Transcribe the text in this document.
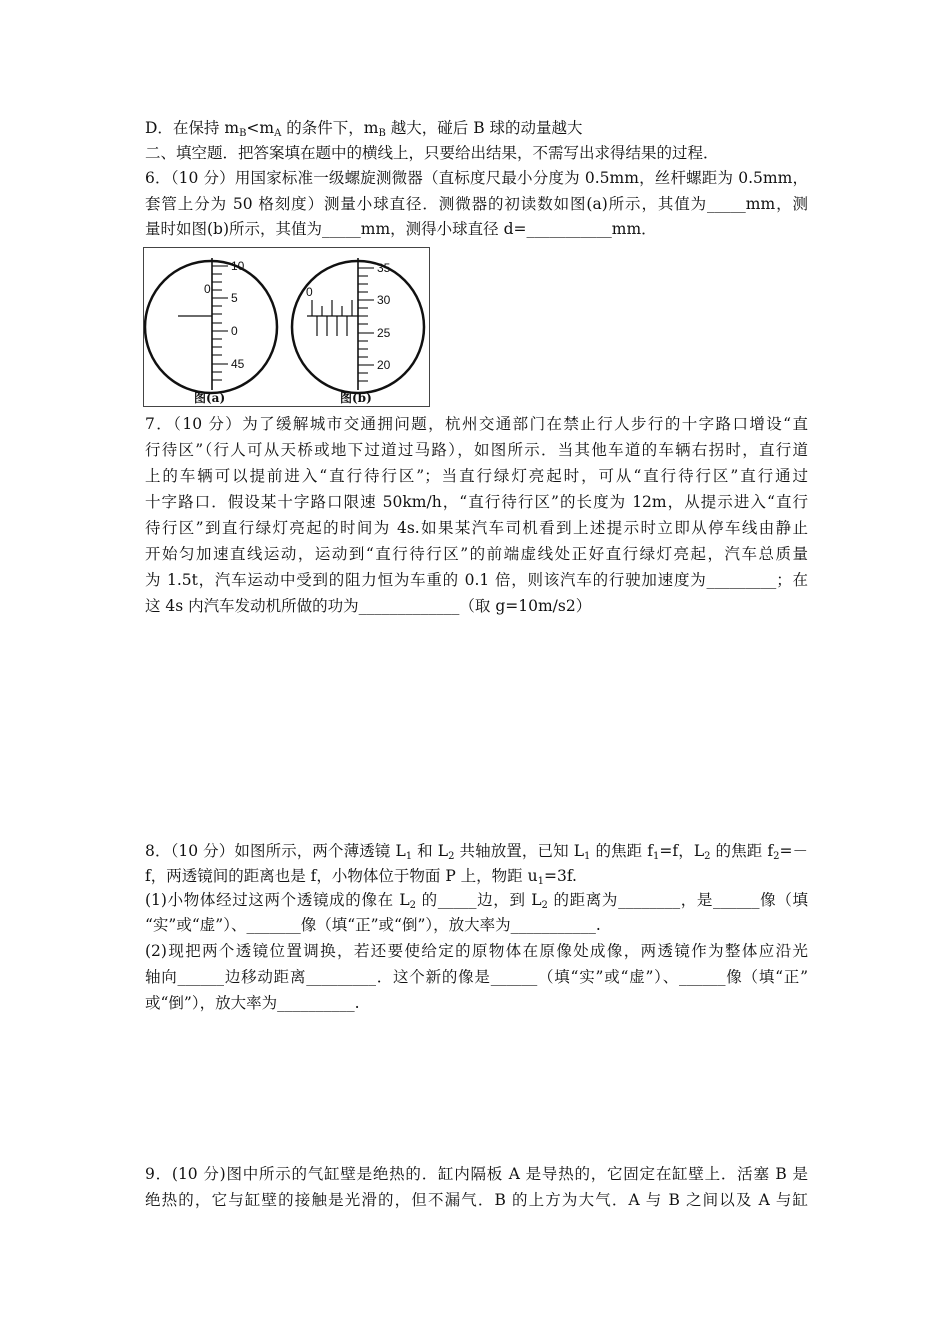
D．在保持 $m_B<m_A$ 的条件下，$m_B$ 越大，碰后 B 球的动量越大
二、填空题．把答案填在题中的横线上，只要给出结果，不需写出求得结果的过程．
6．（10 分）用国家标准一级螺旋测微器（直标度尺最小分度为 0.5mm，丝杆螺距为 0.5mm，
套管上分为 50 格刻度）测量小球直径．测微器的初读数如图(a)所示，其值为_____mm，测
量时如图(b)所示，其值为_____mm，测得小球直径 d=___________mm．
0
10
5
0
45
图(a)
0
35
30
25
20
图(b)
7．（10 分）为了缓解城市交通拥问题，杭州交通部门在禁止行人步行的十字路口增设“直
行待区”（行人可从天桥或地下过道过马路），如图所示．当其他车道的车辆右拐时，直行道
上的车辆可以提前进入“直行待行区”；当直行绿灯亮起时，可从“直行待行区”直行通过
十字路口．假设某十字路口限速 50km/h，“直行待行区”的长度为 12m，从提示进入“直行
待行区”到直行绿灯亮起的时间为 4s.如果某汽车司机看到上述提示时立即从停车线由静止
开始匀加速直线运动，运动到“直行待行区”的前端虚线处正好直行绿灯亮起，汽车总质量
为 1.5t，汽车运动中受到的阻力恒为车重的 0.1 倍，则该汽车的行驶加速度为_________；在
这 4s 内汽车发动机所做的功为_____________（取 g=10m/s2）
8．（10 分）如图所示，两个薄透镜 $L_1$ 和 $L_2$ 共轴放置，已知 $L_1$ 的焦距 $f_1=f$，$L_2$ 的焦距 $f_2=-$
f，两透镜间的距离也是 f，小物体位于物面 P 上，物距 $u_1=3f$.
(1)小物体经过这两个透镜成的像在 $L_2$ 的_____边，到 $L_2$ 的距离为________，是______像（填
“实”或“虚”）、_______像（填“正”或“倒”），放大率为___________.
(2)现把两个透镜位置调换，若还要使给定的原物体在原像处成像，两透镜作为整体应沿光
轴向______边移动距离_________．这个新的像是______（填“实”或“虚”）、______像（填“正”
或“倒”），放大率为__________.
9．(10 分)图中所示的气缸壁是绝热的．缸内隔板 A 是导热的，它固定在缸壁上．活塞 B 是
绝热的，它与缸壁的接触是光滑的，但不漏气．B 的上方为大气．A 与 B 之间以及 A 与缸
